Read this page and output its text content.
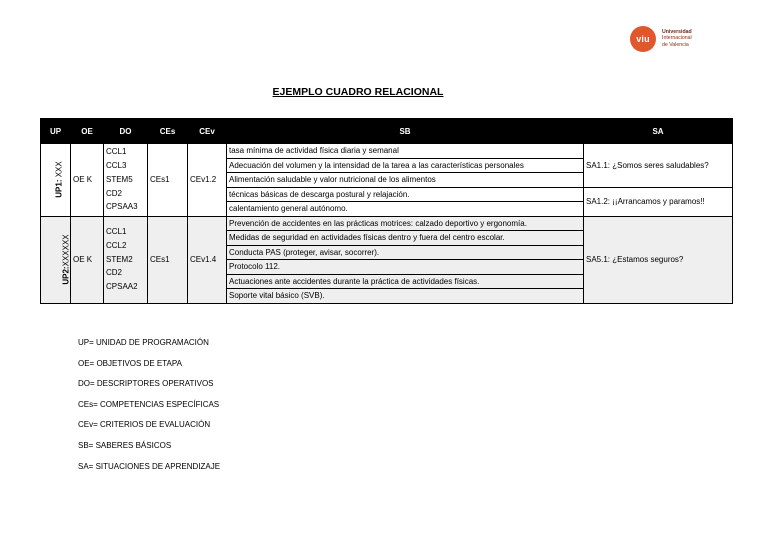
viu
Universidad
Internacional
de Valencia
EJEMPLO CUADRO RELACIONAL
UP	OE	DO	CEs	CEv	SB	SA
UP1: XXX	OE K	CCL1
CCL3
STEM5
CD2
CPSAA3	CEs1	CEv1.2	tasa mínima de actividad física diaria y semanal	SA1.1: ¿Somos seres saludables?
					Adecuación del volumen y la intensidad de la tarea a las características personales	
					Alimentación saludable y valor nutricional de los alimentos	
					técnicas básicas de descarga postural y relajación.	SA1.2: ¡¡Arrancamos y paramos!!
					calentamiento general autónomo.	
UP2:XXXXXX	OE K	CCL1
CCL2
STEM2
CD2
CPSAA2	CEs1	CEv1.4	Prevención de accidentes en las prácticas motrices: calzado deportivo y ergonomía.	SA5.1: ¿Estamos seguros?
					Medidas de seguridad en actividades físicas dentro y fuera del centro escolar.	
					Conducta PAS (proteger, avisar, socorrer).	
					Protocolo 112.	
					Actuaciones ante accidentes durante la práctica de actividades físicas.	
					Soporte vital básico (SVB).	
UP= UNIDAD DE PROGRAMACIÓN
OE= OBJETIVOS DE ETAPA
DO= DESCRIPTORES OPERATIVOS
CEs= COMPETENCIAS ESPECÍFICAS
CEv= CRITERIOS DE EVALUACIÓN
SB= SABERES BÁSICOS
SA= SITUACIONES DE APRENDIZAJE
